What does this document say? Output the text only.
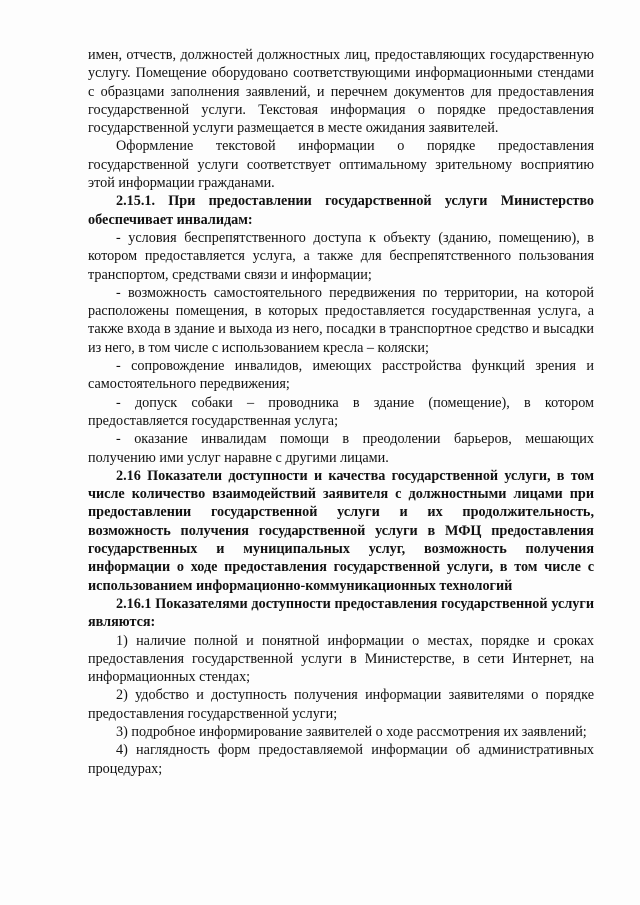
имен, отчеств, должностей должностных лиц, предоставляющих государственную услугу. Помещение оборудовано соответствующими информационными стендами с образцами заполнения заявлений, и перечнем документов для предоставления государственной услуги. Текстовая информация о порядке предоставления государственной услуги размещается в месте ожидания заявителей.

Оформление текстовой информации о порядке предоставления государственной услуги соответствует оптимальному зрительному восприятию этой информации гражданами.

2.15.1. При предоставлении государственной услуги Министерство обеспечивает инвалидам:

- условия беспрепятственного доступа к объекту (зданию, помещению), в котором предоставляется услуга, а также для беспрепятственного пользования транспортом, средствами связи и информации;

- возможность самостоятельного передвижения по территории, на которой расположены помещения, в которых предоставляется государственная услуга, а также входа в здание и выхода из него, посадки в транспортное средство и высадки из него, в том числе с использованием кресла – коляски;

- сопровождение инвалидов, имеющих расстройства функций зрения и самостоятельного передвижения;

- допуск собаки – проводника в здание (помещение), в котором предоставляется государственная услуга;

- оказание инвалидам помощи в преодолении барьеров, мешающих получению ими услуг наравне с другими лицами.

2.16 Показатели доступности и качества государственной услуги, в том числе количество взаимодействий заявителя с должностными лицами при предоставлении государственной услуги и их продолжительность, возможность получения государственной услуги в МФЦ предоставления государственных и муниципальных услуг, возможность получения информации о ходе предоставления государственной услуги, в том числе с использованием информационно-коммуникационных технологий

2.16.1 Показателями доступности предоставления государственной услуги являются:

1) наличие полной и понятной информации о местах, порядке и сроках предоставления государственной услуги в Министерстве, в сети Интернет, на информационных стендах;

2) удобство и доступность получения информации заявителями о порядке предоставления государственной услуги;

3) подробное информирование заявителей о ходе рассмотрения их заявлений;

4) наглядность форм предоставляемой информации об административных процедурах;
